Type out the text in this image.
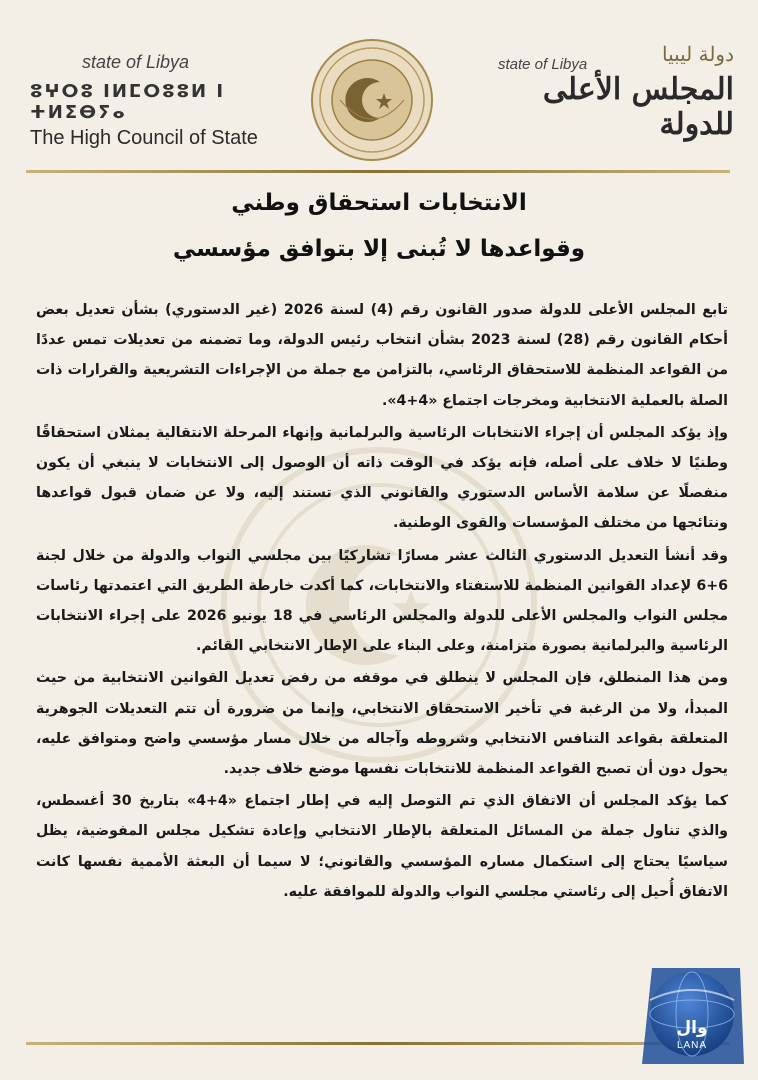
state of Libya
ⵓⵖⵔⵓ ⵏⵍⵎⵔⵓⵓⵍ ⵏ ⵜⵍⵉⴱⵢⴰ
The High Council of State
دولة ليبيا
state of Libya
المجلس الأعلى للدولة
الانتخابات استحقاق وطني
وقواعدها لا تُبنى إلا بتوافق مؤسسي

تابع المجلس الأعلى للدولة صدور القانون رقم (4) لسنة 2026 (غير الدستوري) بشأن تعديل بعض أحكام القانون رقم (28) لسنة 2023 بشأن انتخاب رئيس الدولة، وما تضمنه من تعديلات تمس عددًا من القواعد المنظمة للاستحقاق الرئاسي، بالتزامن مع جملة من الإجراءات التشريعية والقرارات ذات الصلة بالعملية الانتخابية ومخرجات اجتماع «4+4».

وإذ يؤكد المجلس أن إجراء الانتخابات الرئاسية والبرلمانية وإنهاء المرحلة الانتقالية يمثلان استحقاقًا وطنيًا لا خلاف على أصله، فإنه يؤكد في الوقت ذاته أن الوصول إلى الانتخابات لا ينبغي أن يكون منفصلًا عن سلامة الأساس الدستوري والقانوني الذي تستند إليه، ولا عن ضمان قبول قواعدها ونتائجها من مختلف المؤسسات والقوى الوطنية.

وقد أنشأ التعديل الدستوري الثالث عشر مسارًا تشاركيًا بين مجلسي النواب والدولة من خلال لجنة 6+6 لإعداد القوانين المنظمة للاستفتاء والانتخابات، كما أكدت خارطة الطريق التي اعتمدتها رئاسات مجلس النواب والمجلس الأعلى للدولة والمجلس الرئاسي في 18 يونيو 2026 على إجراء الانتخابات الرئاسية والبرلمانية بصورة متزامنة، وعلى البناء على الإطار الانتخابي القائم.

ومن هذا المنطلق، فإن المجلس لا ينطلق في موقفه من رفض تعديل القوانين الانتخابية من حيث المبدأ، ولا من الرغبة في تأخير الاستحقاق الانتخابي، وإنما من ضرورة أن تتم التعديلات الجوهرية المتعلقة بقواعد التنافس الانتخابي وشروطه وآجاله من خلال مسار مؤسسي واضح ومتوافق عليه، يحول دون أن تصبح القواعد المنظمة للانتخابات نفسها موضع خلاف جديد.

كما يؤكد المجلس أن الاتفاق الذي تم التوصل إليه في إطار اجتماع «4+4» بتاريخ 30 أغسطس، والذي تناول جملة من المسائل المتعلقة بالإطار الانتخابي وإعادة تشكيل مجلس المفوضية، يظل سياسيًا يحتاج إلى استكمال مساره المؤسسي والقانوني؛ لا سيما أن البعثة الأممية نفسها كانت الاتفاق أُحيل إلى رئاستي مجلسي النواب والدولة للموافقة عليه.

وال
LANA
